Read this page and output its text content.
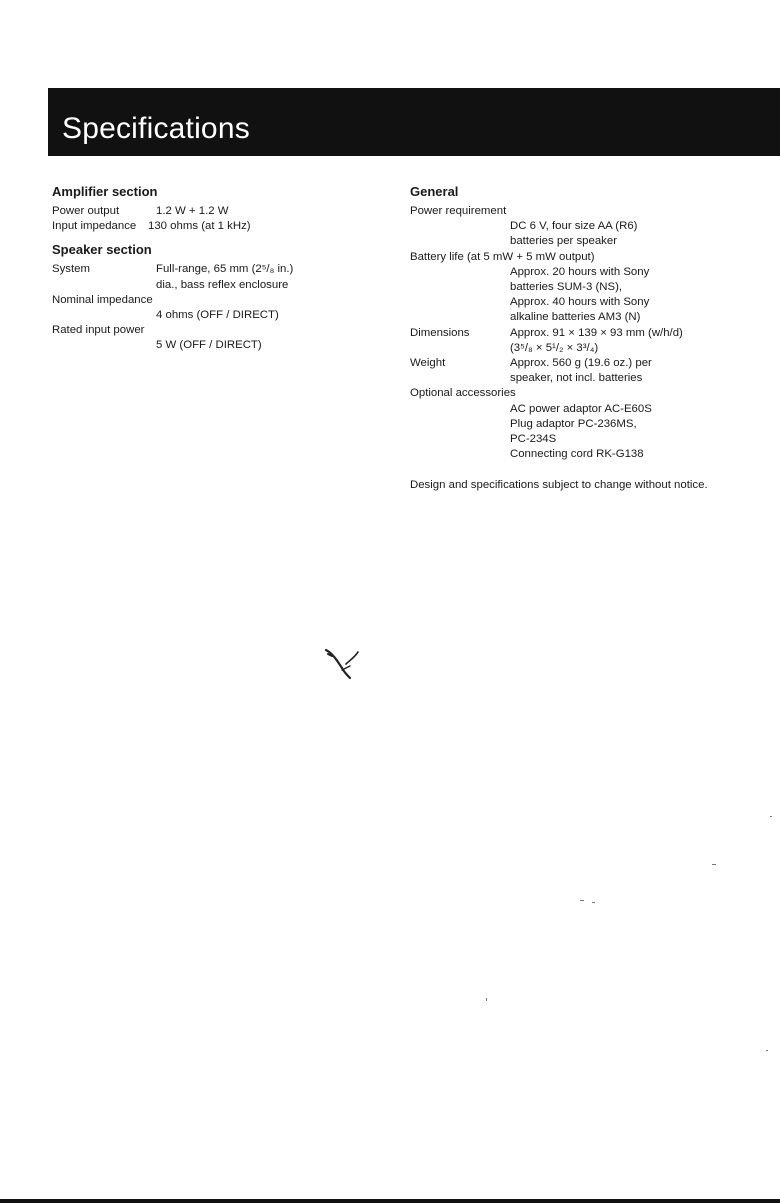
Specifications
Amplifier section
Power output	1.2 W + 1.2 W
Input impedance 130 ohms (at 1 kHz)
Speaker section
System	Full-range, 65 mm (2⁵/₈ in.)
dia., bass reflex enclosure
Nominal impedance
4 ohms (OFF / DIRECT)
Rated input power
5 W (OFF / DIRECT)
General
Power requirement
DC 6 V, four size AA (R6)
batteries per speaker
Battery life (at 5 mW + 5 mW output)
Approx. 20 hours with Sony
batteries SUM-3 (NS),
Approx. 40 hours with Sony
alkaline batteries AM3 (N)
Dimensions	Approx. 91 × 139 × 93 mm (w/h/d)
(3⁵/₈ × 5¹/₂ × 3³/₄)
Weight	Approx. 560 g (19.6 oz.) per
speaker, not incl. batteries
Optional accessories
AC power adaptor AC-E60S
Plug adaptor PC-236MS,
PC-234S
Connecting cord RK-G138
Design and specifications subject to change without notice.
